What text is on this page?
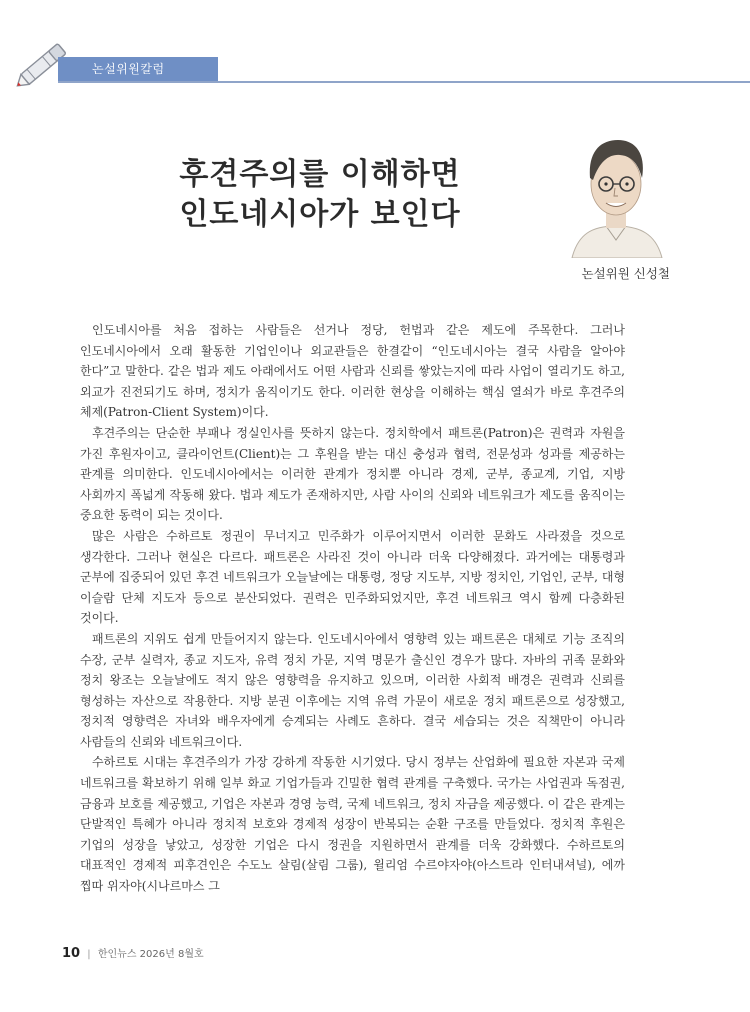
논설위원칼럼
후견주의를 이해하면
인도네시아가 보인다
논설위원 신성철

인도네시아를 처음 접하는 사람들은 선거나 정당, 헌법과 같은 제도에 주목한다. 그러나 인도네시아에서 오래 활동한 기업인이나 외교관들은 한결같이 “인도네시아는 결국 사람을 알아야 한다”고 말한다. 같은 법과 제도 아래에서도 어떤 사람과 신뢰를 쌓았는지에 따라 사업이 열리기도 하고, 외교가 진전되기도 하며, 정치가 움직이기도 한다. 이러한 현상을 이해하는 핵심 열쇠가 바로 후견주의 체제(Patron-Client System)이다.

후견주의는 단순한 부패나 정실인사를 뜻하지 않는다. 정치학에서 패트론(Patron)은 권력과 자원을 가진 후원자이고, 클라이언트(Client)는 그 후원을 받는 대신 충성과 협력, 전문성과 성과를 제공하는 관계를 의미한다. 인도네시아에서는 이러한 관계가 정치뿐 아니라 경제, 군부, 종교계, 기업, 지방 사회까지 폭넓게 작동해 왔다. 법과 제도가 존재하지만, 사람 사이의 신뢰와 네트워크가 제도를 움직이는 중요한 동력이 되는 것이다.

많은 사람은 수하르토 정권이 무너지고 민주화가 이루어지면서 이러한 문화도 사라졌을 것으로 생각한다. 그러나 현실은 다르다. 패트론은 사라진 것이 아니라 더욱 다양해졌다. 과거에는 대통령과 군부에 집중되어 있던 후견 네트워크가 오늘날에는 대통령, 정당 지도부, 지방 정치인, 기업인, 군부, 대형 이슬람 단체 지도자 등으로 분산되었다. 권력은 민주화되었지만, 후견 네트워크 역시 함께 다층화된 것이다.

패트론의 지위도 쉽게 만들어지지 않는다. 인도네시아에서 영향력 있는 패트론은 대체로 기능 조직의 수장, 군부 실력자, 종교 지도자, 유력 정치 가문, 지역 명문가 출신인 경우가 많다. 자바의 귀족 문화와 정치 왕조는 오늘날에도 적지 않은 영향력을 유지하고 있으며, 이러한 사회적 배경은 권력과 신뢰를 형성하는 자산으로 작용한다. 지방 분권 이후에는 지역 유력 가문이 새로운 정치 패트론으로 성장했고, 정치적 영향력은 자녀와 배우자에게 승계되는 사례도 흔하다. 결국 세습되는 것은 직책만이 아니라 사람들의 신뢰와 네트워크이다.

수하르토 시대는 후견주의가 가장 강하게 작동한 시기였다. 당시 정부는 산업화에 필요한 자본과 국제 네트워크를 확보하기 위해 일부 화교 기업가들과 긴밀한 협력 관계를 구축했다. 국가는 사업권과 독점권, 금융과 보호를 제공했고, 기업은 자본과 경영 능력, 국제 네트워크, 정치 자금을 제공했다. 이 같은 관계는 단발적인 특혜가 아니라 정치적 보호와 경제적 성장이 반복되는 순환 구조를 만들었다. 정치적 후원은 기업의 성장을 낳았고, 성장한 기업은 다시 정권을 지원하면서 관계를 더욱 강화했다. 수하르토의 대표적인 경제적 피후견인은 수도노 살림(살림 그룹), 윌리엄 수르야자야(아스트라 인터내셔널), 에까 찝따 위자야(시나르마스 그

10 | 한인뉴스 2026년 8월호
